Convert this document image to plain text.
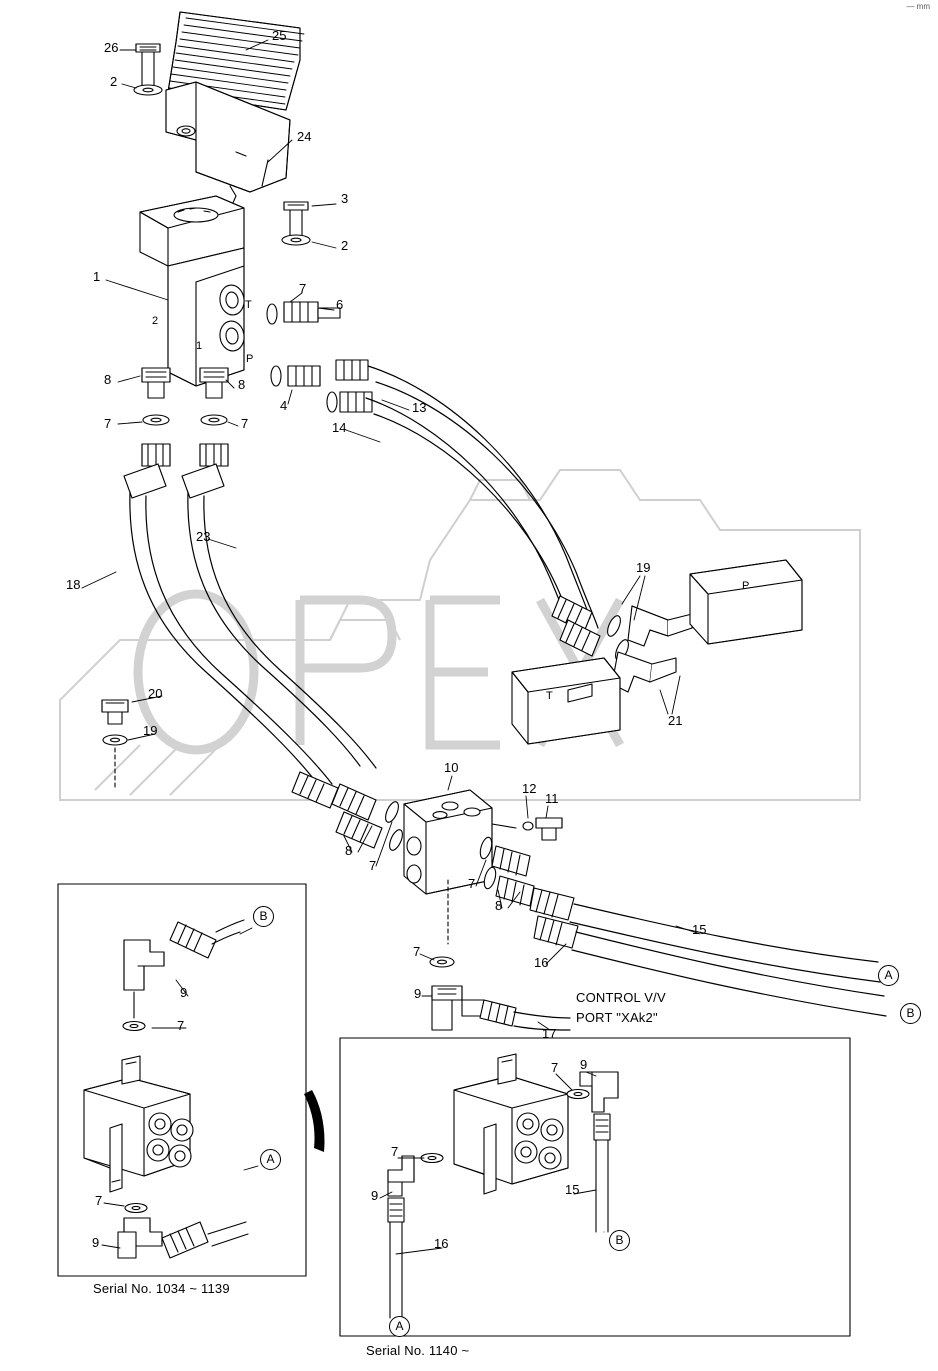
— mm
26
2
25
24
3
2
1
2
1
T
P
7
6
4
8	8
7	7
13
14
23
18
19
21
P
T
20
19
10
12
11
8
7
7
8
7
15
16
9
17
CONTROL V/V
PORT "XAk2"
A
B
B
A
B
A
9
7
7
9
Serial No. 1034 ~ 1139
7 9
7
9	15
16
Serial No. 1140 ~
